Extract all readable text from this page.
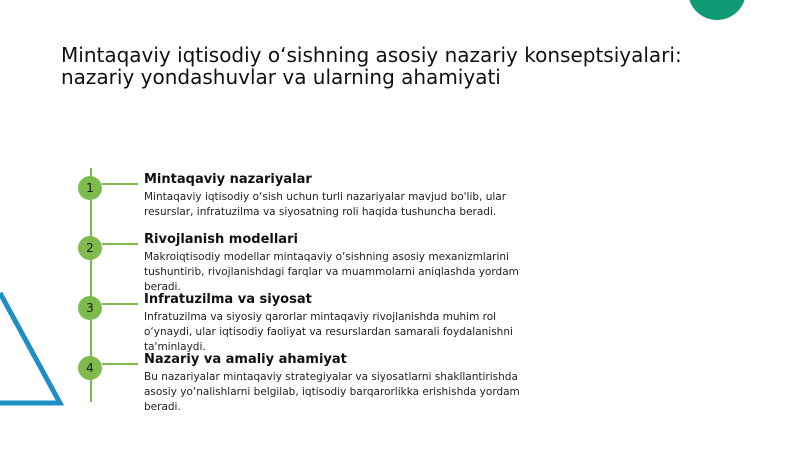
Mintaqaviy iqtisodiy o‘sishning asosiy nazariy konseptsiyalari: nazariy yondashuvlar va ularning ahamiyati
1
Mintaqaviy nazariyalar
Mintaqaviy iqtisodiy o‘sish uchun turli nazariyalar mavjud bo'lib, ular resurslar, infratuzilma va siyosatning roli haqida tushuncha beradi.
2
Rivojlanish modellari
Makroiqtisodiy modellar mintaqaviy o‘sishning asosiy mexanizmlarini tushuntirib, rivojlanishdagi farqlar va muammolarni aniqlashda yordam beradi.
3
Infratuzilma va siyosat
Infratuzilma va siyosiy qarorlar mintaqaviy rivojlanishda muhim rol o‘ynaydi, ular iqtisodiy faoliyat va resurslardan samarali foydalanishni ta'minlaydi.
4
Nazariy va amaliy ahamiyat
Bu nazariyalar mintaqaviy strategiyalar va siyosatlarni shakllantirishda asosiy yo‘nalishlarni belgilab, iqtisodiy barqarorlikka erishishda yordam beradi.
